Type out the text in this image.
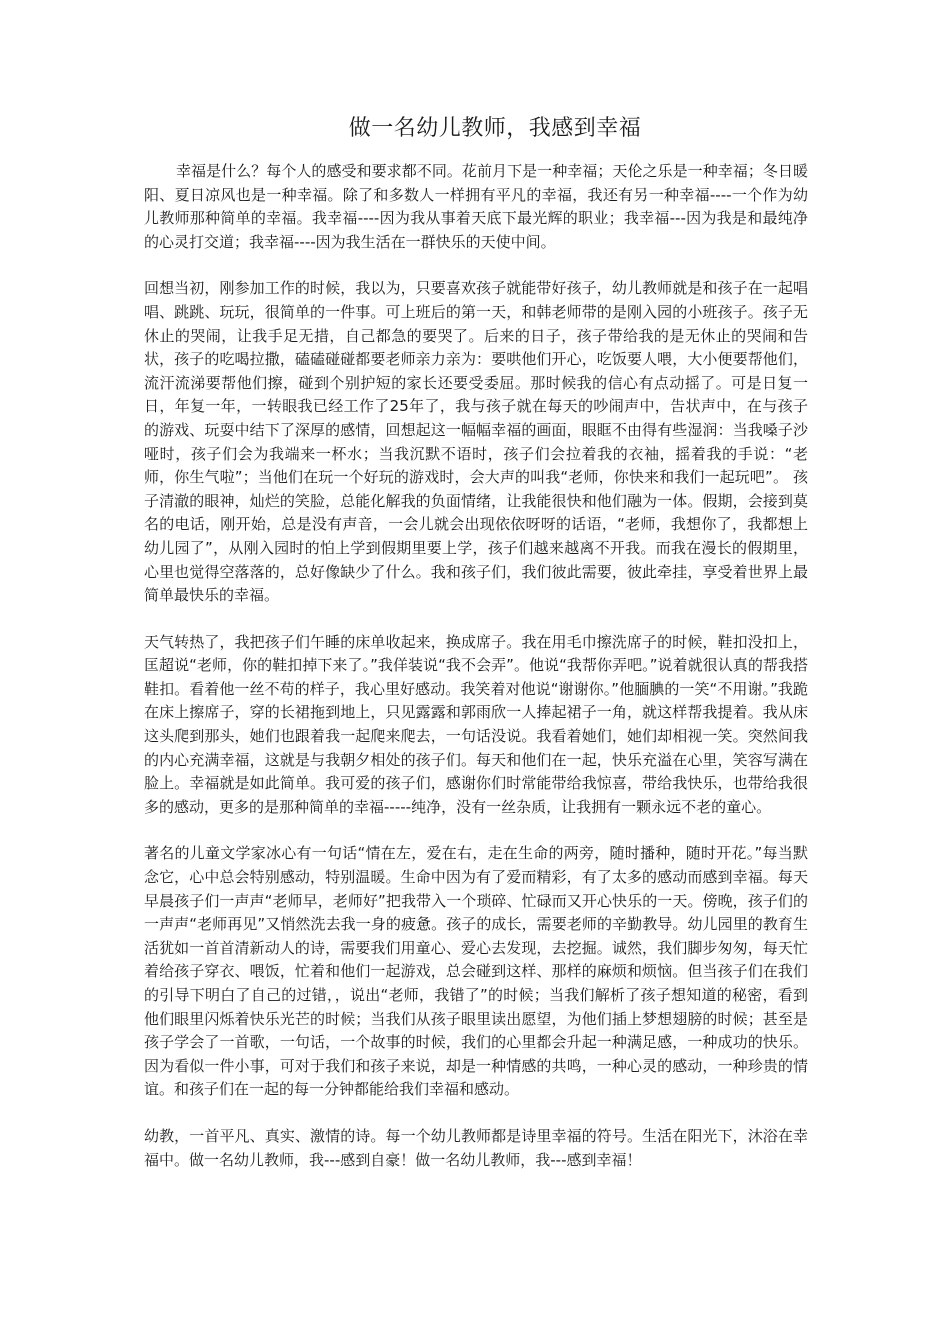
做一名幼儿教师，我感到幸福

幸福是什么？每个人的感受和要求都不同。花前月下是一种幸福；天伦之乐是一种幸福；冬日暖阳、夏日凉风也是一种幸福。除了和多数人一样拥有平凡的幸福，我还有另一种幸福----一个作为幼儿教师那种简单的幸福。我幸福----因为我从事着天底下最光辉的职业；我幸福---因为我是和最纯净的心灵打交道；我幸福----因为我生活在一群快乐的天使中间。

回想当初，刚参加工作的时候，我以为，只要喜欢孩子就能带好孩子，幼儿教师就是和孩子在一起唱唱、跳跳、玩玩，很简单的一件事。可上班后的第一天，和韩老师带的是刚入园的小班孩子。孩子无休止的哭闹，让我手足无措，自己都急的要哭了。后来的日子，孩子带给我的是无休止的哭闹和告状，孩子的吃喝拉撒，磕磕碰碰都要老师亲力亲为：要哄他们开心，吃饭要人喂，大小便要帮他们，流汗流涕要帮他们擦，碰到个别护短的家长还要受委屈。那时候我的信心有点动摇了。可是日复一日，年复一年，一转眼我已经工作了25年了，我与孩子就在每天的吵闹声中，告状声中，在与孩子的游戏、玩耍中结下了深厚的感情，回想起这一幅幅幸福的画面，眼眶不由得有些湿润：当我嗓子沙哑时，孩子们会为我端来一杯水；当我沉默不语时，孩子们会拉着我的衣袖，摇着我的手说：“老师，你生气啦”；当他们在玩一个好玩的游戏时，会大声的叫我“老师，你快来和我们一起玩吧”。 孩子清澈的眼神，灿烂的笑脸，总能化解我的负面情绪，让我能很快和他们融为一体。假期，会接到莫名的电话，刚开始，总是没有声音，一会儿就会出现依依呀呀的话语，“老师，我想你了，我都想上幼儿园了”，从刚入园时的怕上学到假期里要上学，孩子们越来越离不开我。而我在漫长的假期里，心里也觉得空落落的，总好像缺少了什么。我和孩子们，我们彼此需要，彼此牵挂，享受着世界上最简单最快乐的幸福。

天气转热了，我把孩子们午睡的床单收起来，换成席子。我在用毛巾擦洗席子的时候，鞋扣没扣上，匡超说“老师，你的鞋扣掉下来了。”我佯装说“我不会弄”。他说“我帮你弄吧。”说着就很认真的帮我搭鞋扣。看着他一丝不苟的样子，我心里好感动。我笑着对他说“谢谢你。”他腼腆的一笑“不用谢。”我跪在床上擦席子，穿的长裙拖到地上，只见露露和郭雨欣一人捧起裙子一角，就这样帮我提着。我从床这头爬到那头，她们也跟着我一起爬来爬去，一句话没说。我看着她们，她们却相视一笑。突然间我的内心充满幸福，这就是与我朝夕相处的孩子们。每天和他们在一起，快乐充溢在心里，笑容写满在脸上。幸福就是如此简单。我可爱的孩子们，感谢你们时常能带给我惊喜，带给我快乐，也带给我很多的感动，更多的是那种简单的幸福-----纯净，没有一丝杂质，让我拥有一颗永远不老的童心。

著名的儿童文学家冰心有一句话“情在左，爱在右，走在生命的两旁，随时播种，随时开花。”每当默念它，心中总会特别感动，特别温暖。生命中因为有了爱而精彩，有了太多的感动而感到幸福。每天早晨孩子们一声声“老师早，老师好”把我带入一个琐碎、忙碌而又开心快乐的一天。傍晚，孩子们的一声声“老师再见”又悄然洗去我一身的疲惫。孩子的成长，需要老师的辛勤教导。幼儿园里的教育生活犹如一首首清新动人的诗，需要我们用童心、爱心去发现，去挖掘。诚然，我们脚步匆匆，每天忙着给孩子穿衣、喂饭，忙着和他们一起游戏，总会碰到这样、那样的麻烦和烦恼。但当孩子们在我们的引导下明白了自己的过错，，说出“老师，我错了”的时候；当我们解析了孩子想知道的秘密，看到他们眼里闪烁着快乐光芒的时候；当我们从孩子眼里读出愿望，为他们插上梦想翅膀的时候；甚至是孩子学会了一首歌，一句话，一个故事的时候，我们的心里都会升起一种满足感，一种成功的快乐。因为看似一件小事，可对于我们和孩子来说，却是一种情感的共鸣，一种心灵的感动，一种珍贵的情谊。和孩子们在一起的每一分钟都能给我们幸福和感动。

幼教，一首平凡、真实、激情的诗。每一个幼儿教师都是诗里幸福的符号。生活在阳光下，沐浴在幸福中。做一名幼儿教师，我---感到自豪！做一名幼儿教师，我---感到幸福！
